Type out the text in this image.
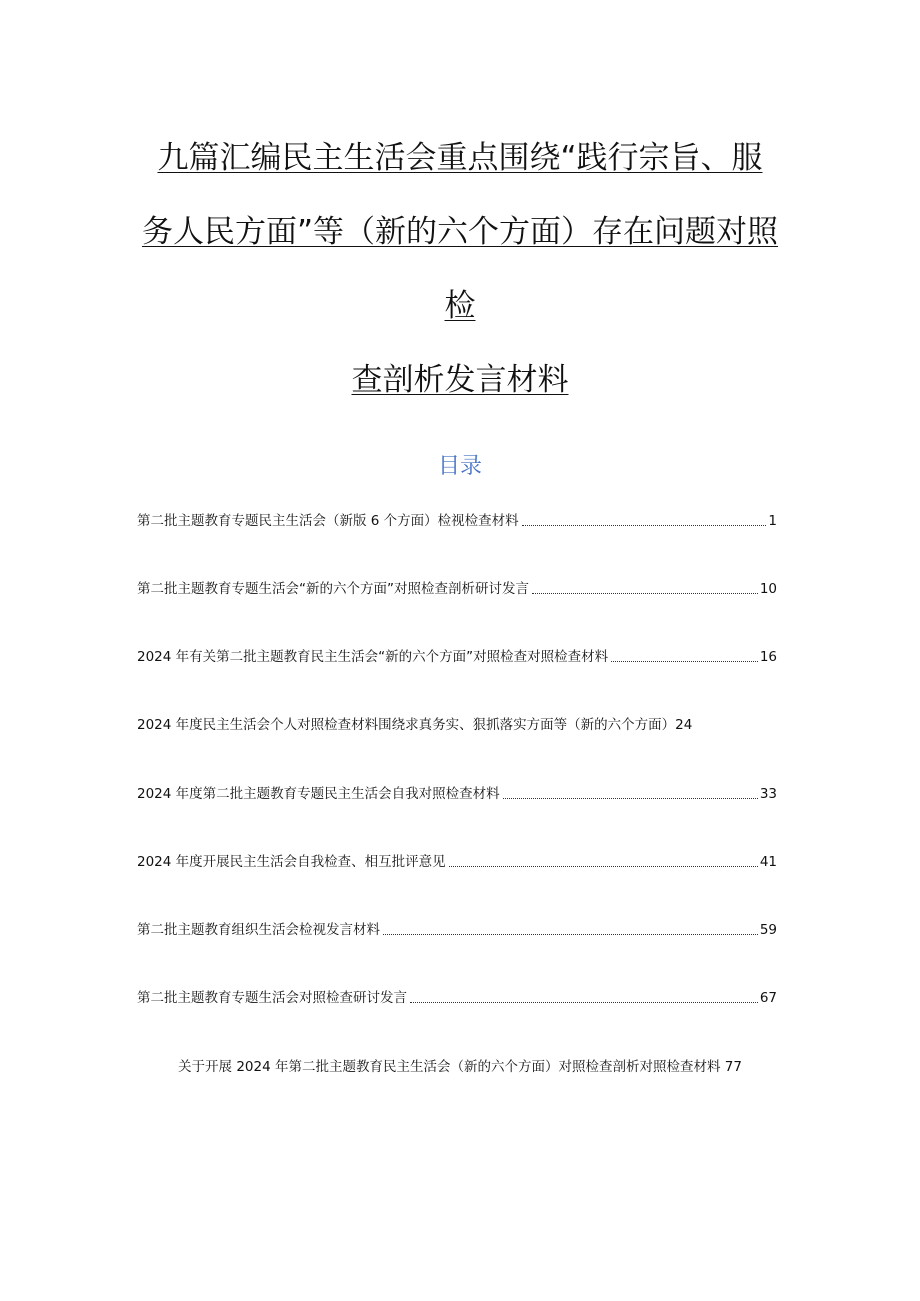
九篇汇编民主生活会重点围绕“践行宗旨、服
务人民方面”等（新的六个方面）存在问题对照
检
查剖析发言材料
目录
第二批主题教育专题民主生活会（新版 6 个方面）检视检查材料	1
第二批主题教育专题生活会“新的六个方面”对照检查剖析研讨发言	10
2024 年有关第二批主题教育民主生活会“新的六个方面”对照检查对照检查材料	16
2024 年度民主生活会个人对照检查材料围绕求真务实、狠抓落实方面等（新的六个方面）24
2024 年度第二批主题教育专题民主生活会自我对照检查材料	33
2024 年度开展民主生活会自我检查、相互批评意见	41
第二批主题教育组织生活会检视发言材料	59
第二批主题教育专题生活会对照检查研讨发言	67
关于开展 2024 年第二批主题教育民主生活会（新的六个方面）对照检查剖析对照检查材料 77
